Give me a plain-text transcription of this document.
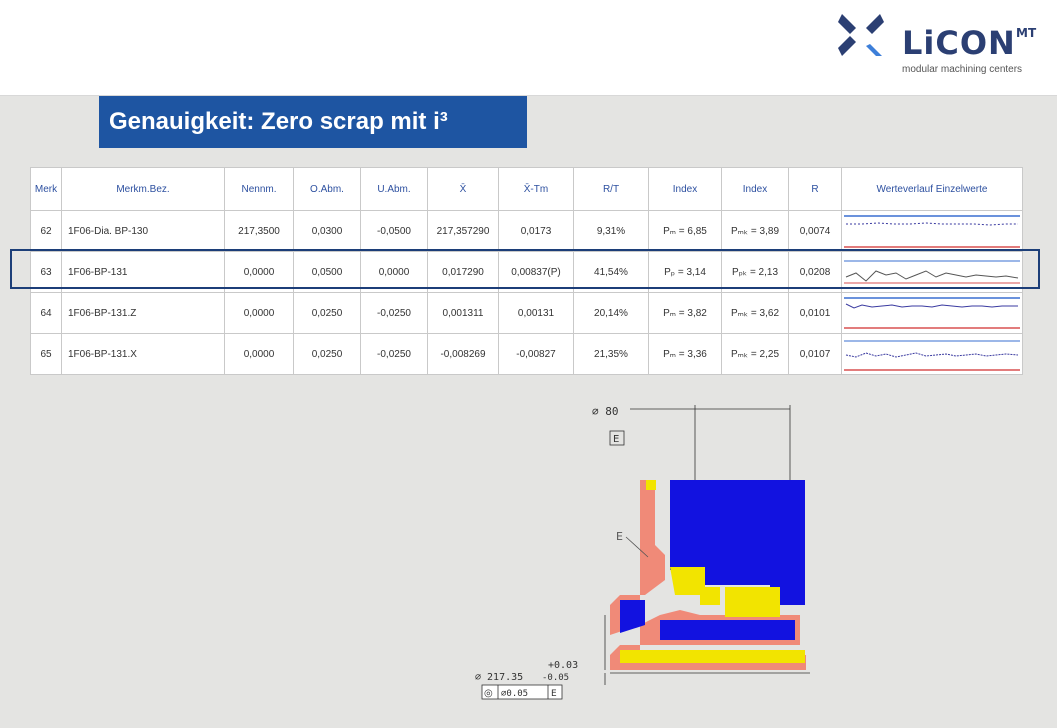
LiCON MT
modular machining centers
Genauigkeit: Zero scrap mit i³
Merk	Merkm.Bez.	Nennm.	O.Abm.	U.Abm.	X̄	X̄-Tm	R/T	Index	Index	R	Werteverlauf Einzelwerte
62	1F06-Dia. BP-130	217,3500	0,0300	-0,0500	217,357290	0,0173	9,31%	Pₘ = 6,85	Pₘₖ = 3,89	0,0074	

63	1F06-BP-131	0,0000	0,0500	0,0000	0,017290	0,00837(P)	41,54%	Pₚ = 3,14	Pₚₖ = 2,13	0,0208	

64	1F06-BP-131.Z	0,0000	0,0250	-0,0250	0,001311	0,00131	20,14%	Pₘ = 3,82	Pₘₖ = 3,62	0,0101	

65	1F06-BP-131.X	0,0000	0,0250	-0,0250	-0,008269	-0,00827	21,35%	Pₘ = 3,36	Pₘₖ = 2,25	0,0107	
⌀ 80
E
E
+0.03
⌀ 217.35 -0.05
◎ ⌀0.05	E
